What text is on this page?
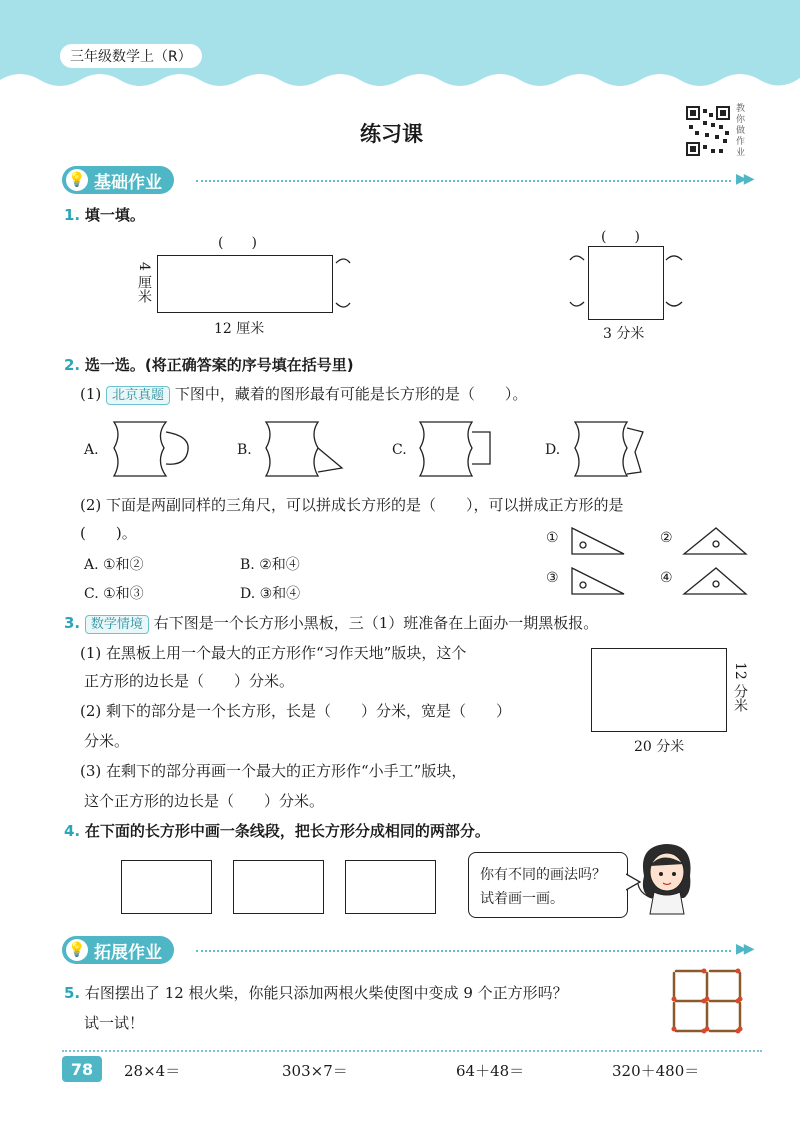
三年级数学上（R）
练习课
教你做作业
💡 基础作业	▶▶
1. 填一填。
(　　)
4 厘米
12 厘米
(　　)
3 分米
2. 选一选。(将正确答案的序号填在括号里)
(1) 北京真题 下图中，藏着的图形最有可能是长方形的是（　　）。
A.	B.	C.	D.
(2) 下面是两副同样的三角尺，可以拼成长方形的是（　　），可以拼成正方形的是
(　　)。
A. ①和②	B. ②和④
C. ①和③	D. ③和④
①	②
③	④
3. 数学情境 右下图是一个长方形小黑板，三（1）班准备在上面办一期黑板报。
(1) 在黑板上用一个最大的正方形作“习作天地”版块，这个
正方形的边长是（　　）分米。
(2) 剩下的部分是一个长方形，长是（　　）分米，宽是（　　）
分米。
(3) 在剩下的部分再画一个最大的正方形作“小手工”版块，
这个正方形的边长是（　　）分米。
12 分米
20 分米
4. 在下面的长方形中画一条线段，把长方形分成相同的两部分。
你有不同的画法吗？
试着画一画。
💡 拓展作业	▶▶
5. 右图摆出了 12 根火柴，你能只添加两根火柴使图中变成 9 个正方形吗？
试一试！
78	28×4＝	303×7＝	64＋48＝	320＋480＝
